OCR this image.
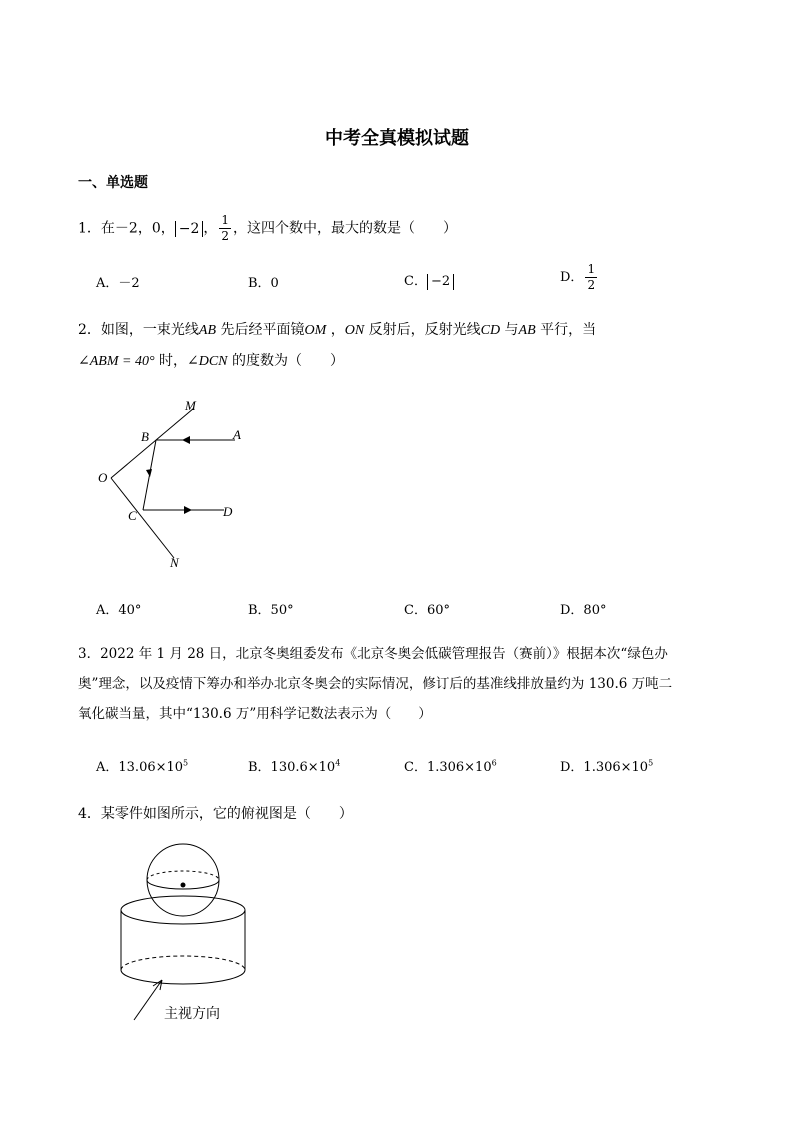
中考全真模拟试题
一、单选题
1．在－2，0， −2 ， $\frac{1}{2}$ ，这四个数中，最大的数是（　　）
A．－2	B．0	C． −2	D． $\frac{1}{2}$
2．如图，一束光线AB 先后经平面镜OM ，ON 反射后，反射光线CD 与AB 平行，当
∠ABM = 40° 时，∠DCN 的度数为（　　）
M
B	A
O
C	D
N
A．40°	B．50°	C．60°	D．80°
3．2022 年 1 月 28 日，北京冬奥组委发布《北京冬奥会低碳管理报告（赛前）》根据本次“绿色办
奥”理念，以及疫情下筹办和举办北京冬奥会的实际情况，修订后的基准线排放量约为 130.6 万吨二
氧化碳当量，其中“130.6 万”用科学记数法表示为（　　）
A．$13.06\times 10^5$	B．$130.6\times 10^4$	C．$1.306\times 10^6$	D．$1.306\times 10^5$
4．某零件如图所示，它的俯视图是（　　）
主视方向
